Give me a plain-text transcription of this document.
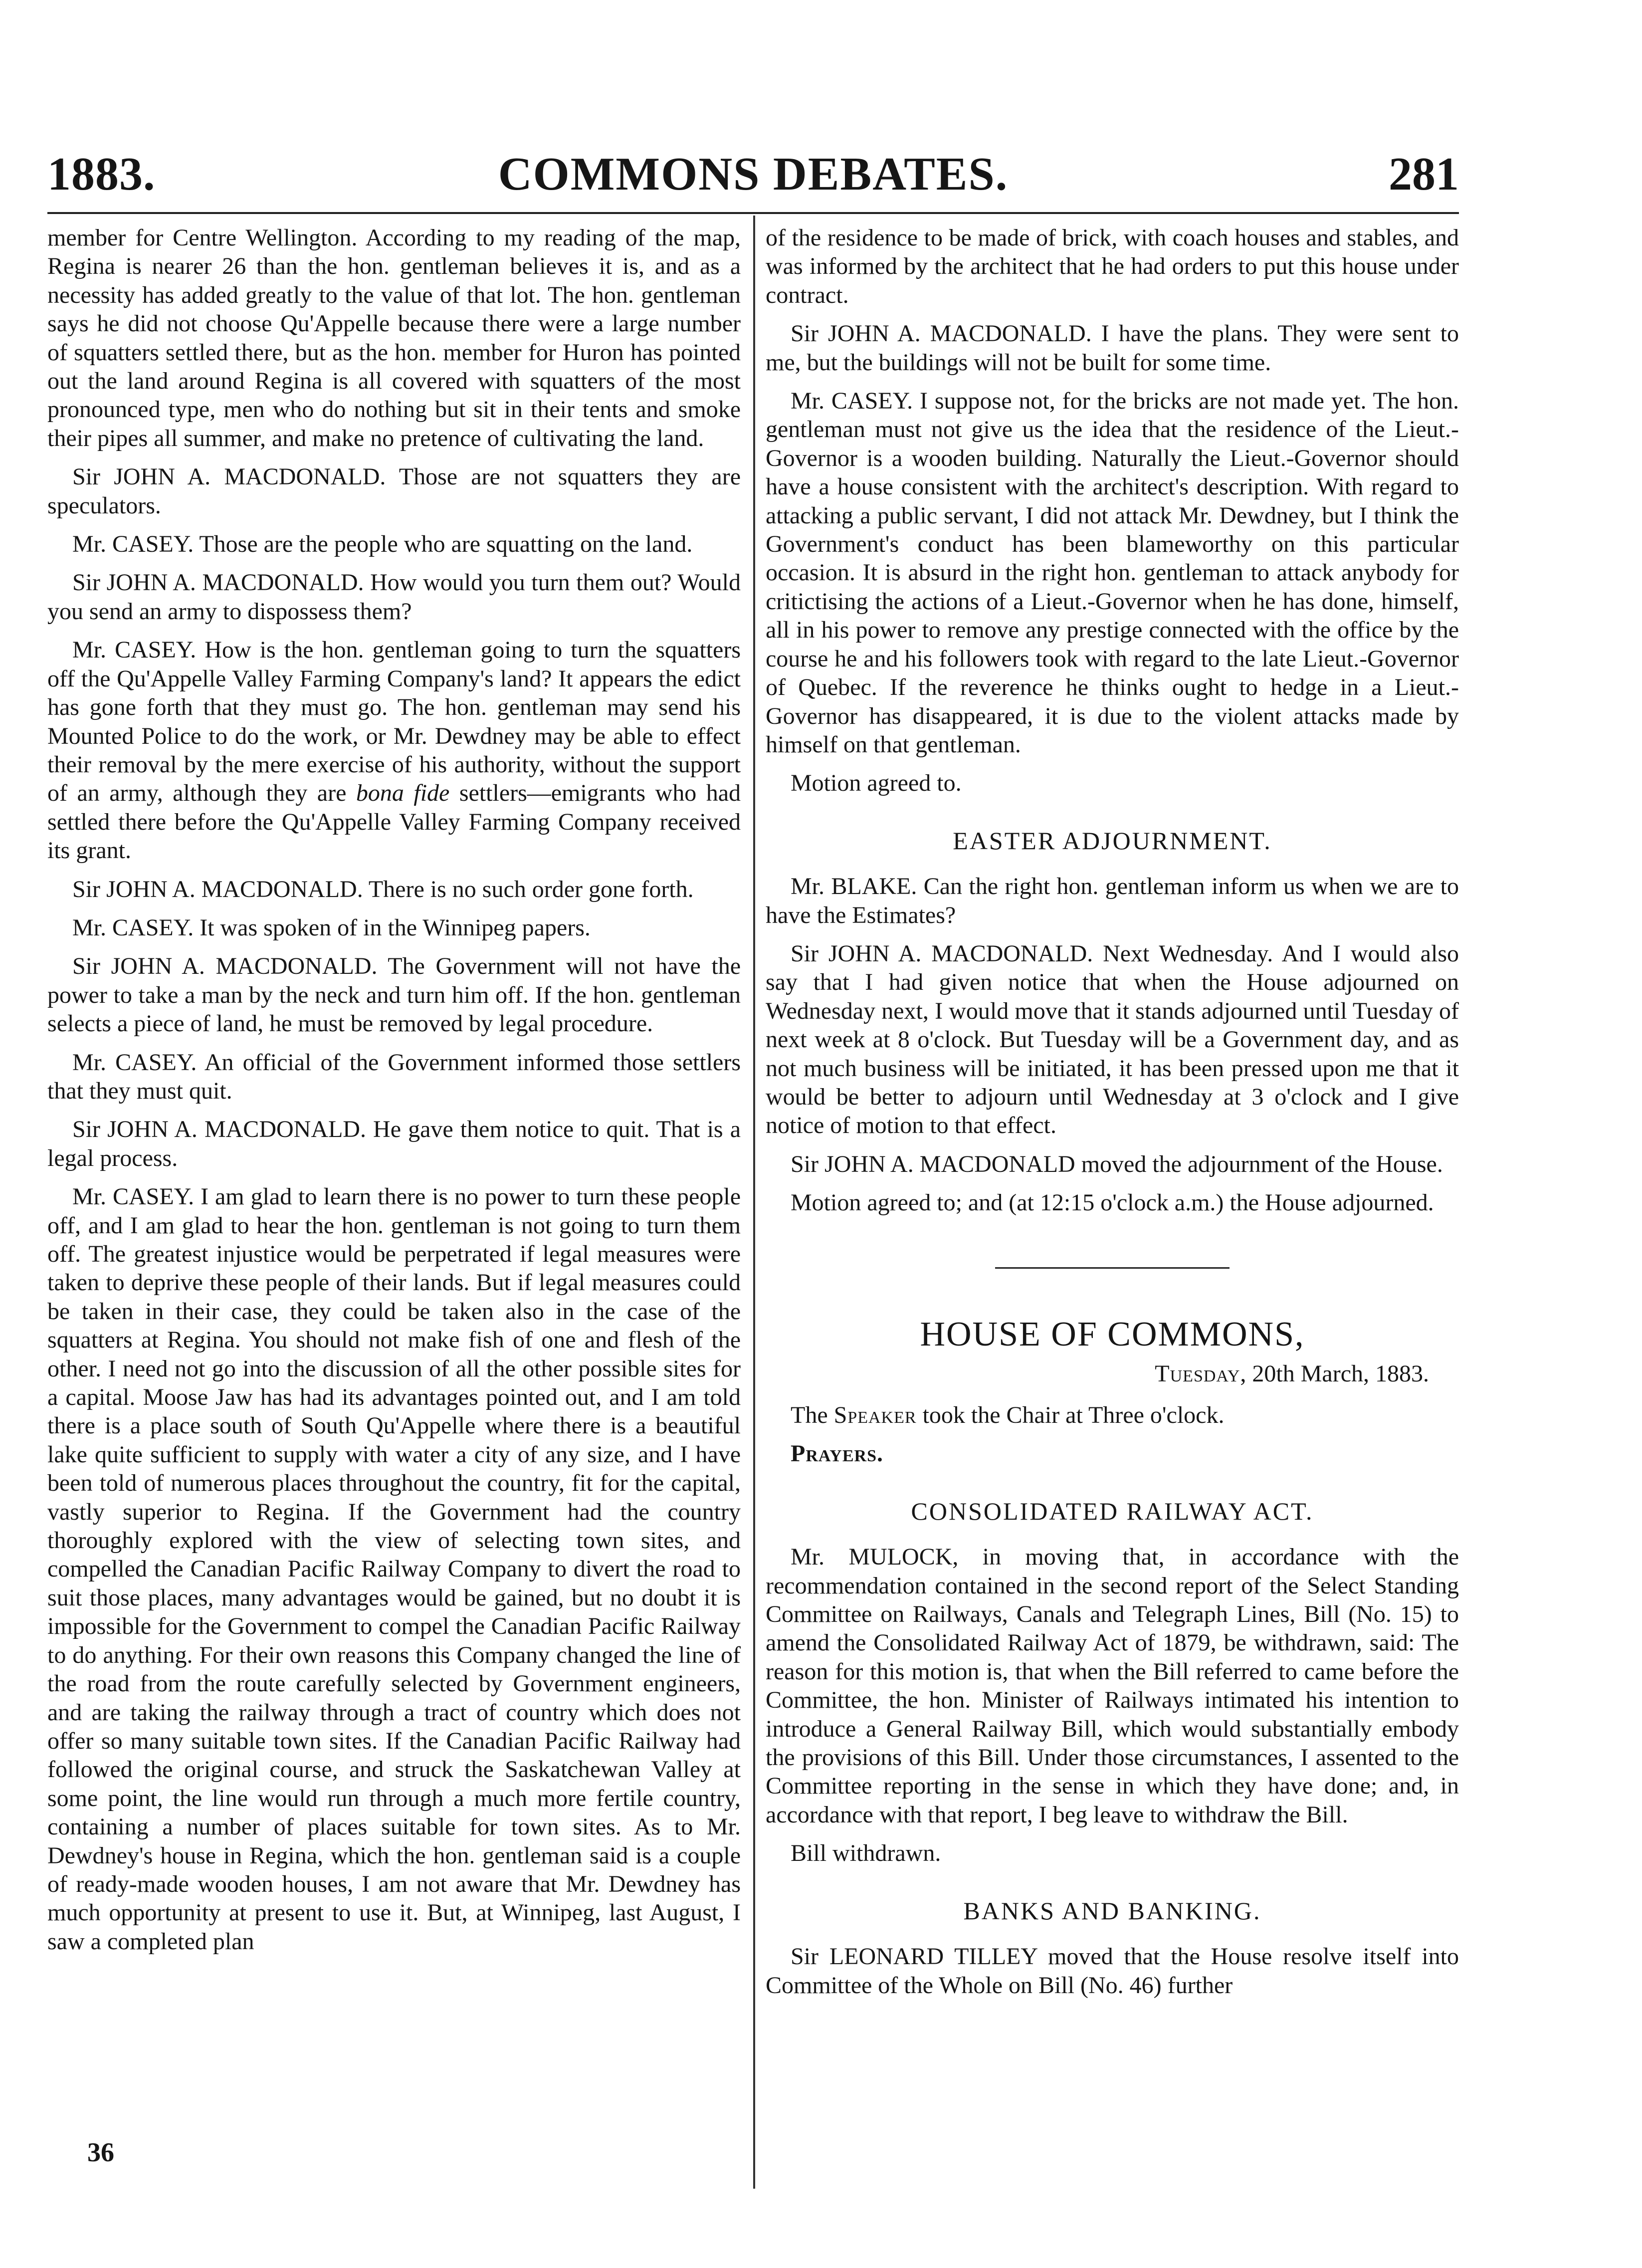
1883.	COMMONS DEBATES.	281

member for Centre Wellington. According to my reading of the map, Regina is nearer 26 than the hon. gentleman believes it is, and as a necessity has added greatly to the value of that lot. The hon. gentleman says he did not choose Qu'Appelle because there were a large number of squatters settled there, but as the hon. member for Huron has pointed out the land around Regina is all covered with squatters of the most pronounced type, men who do nothing but sit in their tents and smoke their pipes all summer, and make no pretence of cultivating the land.

Sir JOHN A. MACDONALD. Those are not squatters they are speculators.

Mr. CASEY. Those are the people who are squatting on the land.

Sir JOHN A. MACDONALD. How would you turn them out? Would you send an army to dispossess them?

Mr. CASEY. How is the hon. gentleman going to turn the squatters off the Qu'Appelle Valley Farming Company's land? It appears the edict has gone forth that they must go. The hon. gentleman may send his Mounted Police to do the work, or Mr. Dewdney may be able to effect their removal by the mere exercise of his authority, without the support of an army, although they are bona fide settlers—emigrants who had settled there before the Qu'Appelle Valley Farming Company received its grant.

Sir JOHN A. MACDONALD. There is no such order gone forth.

Mr. CASEY. It was spoken of in the Winnipeg papers.

Sir JOHN A. MACDONALD. The Government will not have the power to take a man by the neck and turn him off. If the hon. gentleman selects a piece of land, he must be removed by legal procedure.

Mr. CASEY. An official of the Government informed those settlers that they must quit.

Sir JOHN A. MACDONALD. He gave them notice to quit. That is a legal process.

Mr. CASEY. I am glad to learn there is no power to turn these people off, and I am glad to hear the hon. gentleman is not going to turn them off. The greatest injustice would be perpetrated if legal measures were taken to deprive these people of their lands. But if legal measures could be taken in their case, they could be taken also in the case of the squatters at Regina. You should not make fish of one and flesh of the other. I need not go into the discussion of all the other possible sites for a capital. Moose Jaw has had its advantages pointed out, and I am told there is a place south of South Qu'Appelle where there is a beautiful lake quite sufficient to supply with water a city of any size, and I have been told of numerous places throughout the country, fit for the capital, vastly superior to Regina. If the Government had the country thoroughly explored with the view of selecting town sites, and compelled the Canadian Pacific Railway Company to divert the road to suit those places, many advantages would be gained, but no doubt it is impossible for the Government to compel the Canadian Pacific Railway to do anything. For their own reasons this Company changed the line of the road from the route carefully selected by Government engineers, and are taking the railway through a tract of country which does not offer so many suitable town sites. If the Canadian Pacific Railway had followed the original course, and struck the Saskatchewan Valley at some point, the line would run through a much more fertile country, containing a number of places suitable for town sites. As to Mr. Dewdney's house in Regina, which the hon. gentleman said is a couple of ready-made wooden houses, I am not aware that Mr. Dewdney has much opportunity at present to use it. But, at Winnipeg, last August, I saw a completed plan

36

of the residence to be made of brick, with coach houses and stables, and was informed by the architect that he had orders to put this house under contract.

Sir JOHN A. MACDONALD. I have the plans. They were sent to me, but the buildings will not be built for some time.

Mr. CASEY. I suppose not, for the bricks are not made yet. The hon. gentleman must not give us the idea that the residence of the Lieut.-Governor is a wooden building. Naturally the Lieut.-Governor should have a house consistent with the architect's description. With regard to attacking a public servant, I did not attack Mr. Dewdney, but I think the Government's conduct has been blameworthy on this particular occasion. It is absurd in the right hon. gentleman to attack anybody for critictising the actions of a Lieut.-Governor when he has done, himself, all in his power to remove any prestige connected with the office by the course he and his followers took with regard to the late Lieut.-Governor of Quebec. If the reverence he thinks ought to hedge in a Lieut.-Governor has disappeared, it is due to the violent attacks made by himself on that gentleman.

Motion agreed to.

EASTER ADJOURNMENT.

Mr. BLAKE. Can the right hon. gentleman inform us when we are to have the Estimates?

Sir JOHN A. MACDONALD. Next Wednesday. And I would also say that I had given notice that when the House adjourned on Wednesday next, I would move that it stands adjourned until Tuesday of next week at 8 o'clock. But Tuesday will be a Government day, and as not much business will be initiated, it has been pressed upon me that it would be better to adjourn until Wednesday at 3 o'clock and I give notice of motion to that effect.

Sir JOHN A. MACDONALD moved the adjournment of the House.

Motion agreed to; and (at 12:15 o'clock a.m.) the House adjourned.

HOUSE OF COMMONS,
Tuesday, 20th March, 1883.

The Speaker took the Chair at Three o'clock.

Prayers.

CONSOLIDATED RAILWAY ACT.

Mr. MULOCK, in moving that, in accordance with the recommendation contained in the second report of the Select Standing Committee on Railways, Canals and Telegraph Lines, Bill (No. 15) to amend the Consolidated Railway Act of 1879, be withdrawn, said: The reason for this motion is, that when the Bill referred to came before the Committee, the hon. Minister of Railways intimated his intention to introduce a General Railway Bill, which would substantially embody the provisions of this Bill. Under those circumstances, I assented to the Committee reporting in the sense in which they have done; and, in accordance with that report, I beg leave to withdraw the Bill.

Bill withdrawn.

BANKS AND BANKING.

Sir LEONARD TILLEY moved that the House resolve itself into Committee of the Whole on Bill (No. 46) further
